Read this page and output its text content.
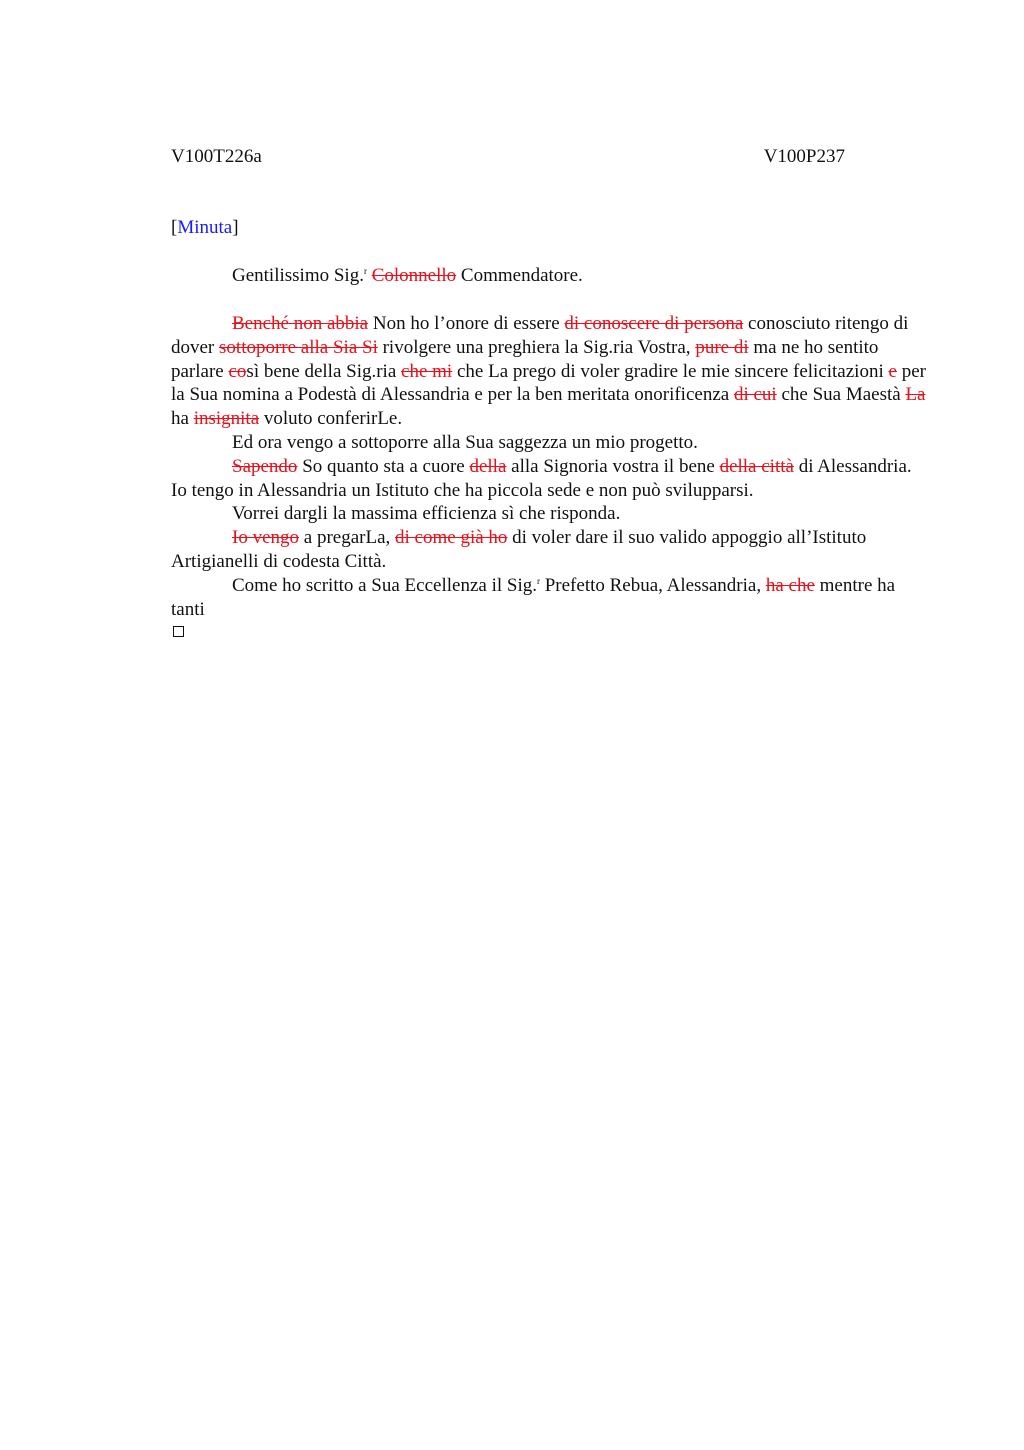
V100T226a	V100P237
[Minuta]
Gentilissimo Sig.$^r$ Colonnello Commendatore.

Benché non abbia Non ho l’onore di essere di conoscere di persona conosciuto ritengo di dover sottoporre alla Sia Si rivolgere una preghiera la Sig.ria Vostra, pure di ma ne ho sentito parlare così bene della Sig.ria che mi che La prego di voler gradire le mie sincere felicitazioni e per la Sua nomina a Podestà di Alessandria e per la ben meritata onorificenza di cui che Sua Maestà La ha insignita voluto conferirLe.

Ed ora vengo a sottoporre alla Sua saggezza un mio progetto.

Sapendo So quanto sta a cuore della alla Signoria vostra il bene della città di Alessandria. Io tengo in Alessandria un Istituto che ha piccola sede e non può svilupparsi.

Vorrei dargli la massima efficienza sì che risponda.

Io vengo a pregarLa, di come già ho di voler dare il suo valido appoggio all’Istituto Artigianelli di codesta Città.

Come ho scritto a Sua Eccellenza il Sig.$^r$ Prefetto Rebua, Alessandria, ha che mentre ha tanti
